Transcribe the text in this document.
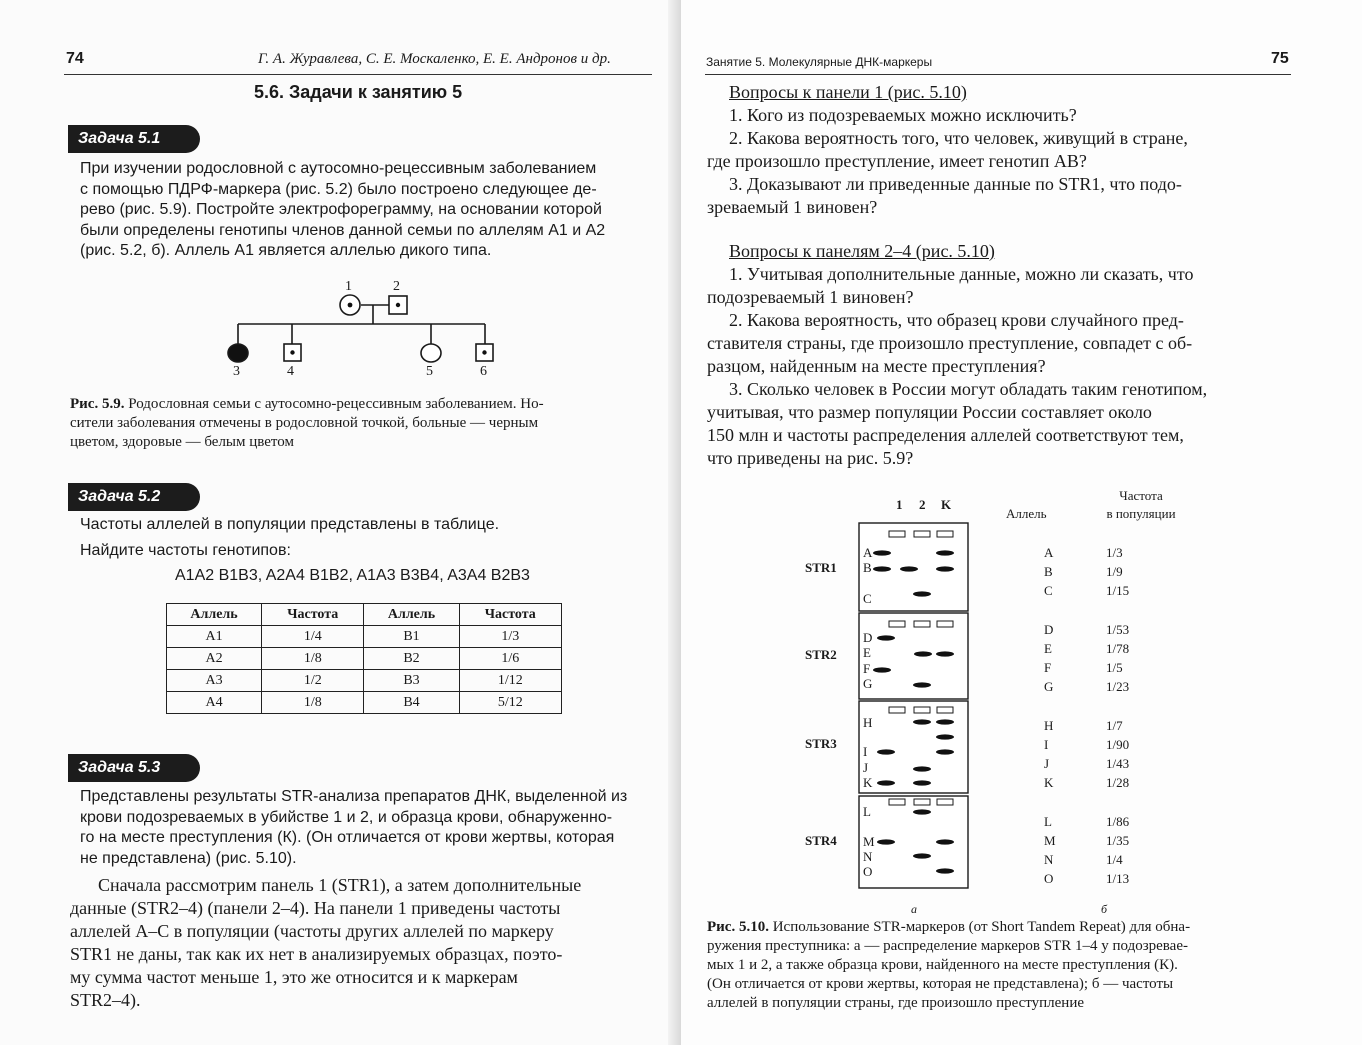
74	Г. А. Журавлева, С. Е. Москаленко, Е. Е. Андронов и др.
5.6. Задачи к занятию 5
Задача 5.1
При изучении родословной с аутосомно-рецессивным заболеванием
с помощью ПДРФ-маркера (рис. 5.2) было построено следующее де-
рево (рис. 5.9). Постройте электрофореграмму, на основании которой
были определены генотипы членов данной семьи по аллелям A1 и A2
(рис. 5.2, б). Аллель A1 является аллелью дикого типа.
1	2
3	4	5	6
Рис. 5.9. Родословная семьи с аутосомно-рецессивным заболеванием. Но-
сители заболевания отмечены в родословной точкой, больные — черным
цветом, здоровые — белым цветом
Задача 5.2
Частоты аллелей в популяции представлены в таблице.
Найдите частоты генотипов:
A1A2 B1B3, A2A4 B1B2, A1A3 B3B4, A3A4 B2B3
Аллель	Частота	Аллель	Частота
A1	1/4	B1	1/3
A2	1/8	B2	1/6
A3	1/2	B3	1/12
A4	1/8	B4	5/12
Задача 5.3
Представлены результаты STR-анализа препаратов ДНК, выделенной из
крови подозреваемых в убийстве 1 и 2, и образца крови, обнаруженно-
го на месте преступления (К). (Он отличается от крови жертвы, которая
не представлена) (рис. 5.10).
Сначала рассмотрим панель 1 (STR1), а затем дополнительные
данные (STR2–4) (панели 2–4). На панели 1 приведены частоты
аллелей A–C в популяции (частоты других аллелей по маркеру
STR1 не даны, так как их нет в анализируемых образцах, поэто-
му сумма частот меньше 1, это же относится и к маркерам
STR2–4).
Занятие 5. Молекулярные ДНК-маркеры	75
Вопросы к панели 1 (рис. 5.10)
1. Кого из подозреваемых можно исключить?
2. Какова вероятность того, что человек, живущий в стране,
где произошло преступление, имеет генотип AB?
3. Доказывают ли приведенные данные по STR1, что подо-
зреваемый 1 виновен?
Вопросы к панелям 2–4 (рис. 5.10)
1. Учитывая дополнительные данные, можно ли сказать, что
подозреваемый 1 виновен?
2. Какова вероятность, что образец крови случайного пред-
ставителя страны, где произошло преступление, совпадет с об-
разцом, найденным на месте преступления?
3. Сколько человек в России могут обладать таким генотипом,
учитывая, что размер популяции России составляет около
150 млн и частоты распределения аллелей соответствуют тем,
что приведены на рис. 5.9?
1 2 K
STR1
STR2
STR3
STR4
A
B
C
D
E
F
G
H
I
J
K
L
M
N
O
а
Частота
Аллель	в популяции
A	1/3
B	1/9
C	1/15
D	1/53
E	1/78
F	1/5
G	1/23
H	1/7
I	1/90
J	1/43
K	1/28
L	1/86
M	1/35
N	1/4
O	1/13
б
Рис. 5.10. Использование STR-маркеров (от Short Tandem Repeat) для обна-
ружения преступника: а — распределение маркеров STR 1–4 у подозревае-
мых 1 и 2, а также образца крови, найденного на месте преступления (К).
(Он отличается от крови жертвы, которая не представлена); б — частоты
аллелей в популяции страны, где произошло преступление
